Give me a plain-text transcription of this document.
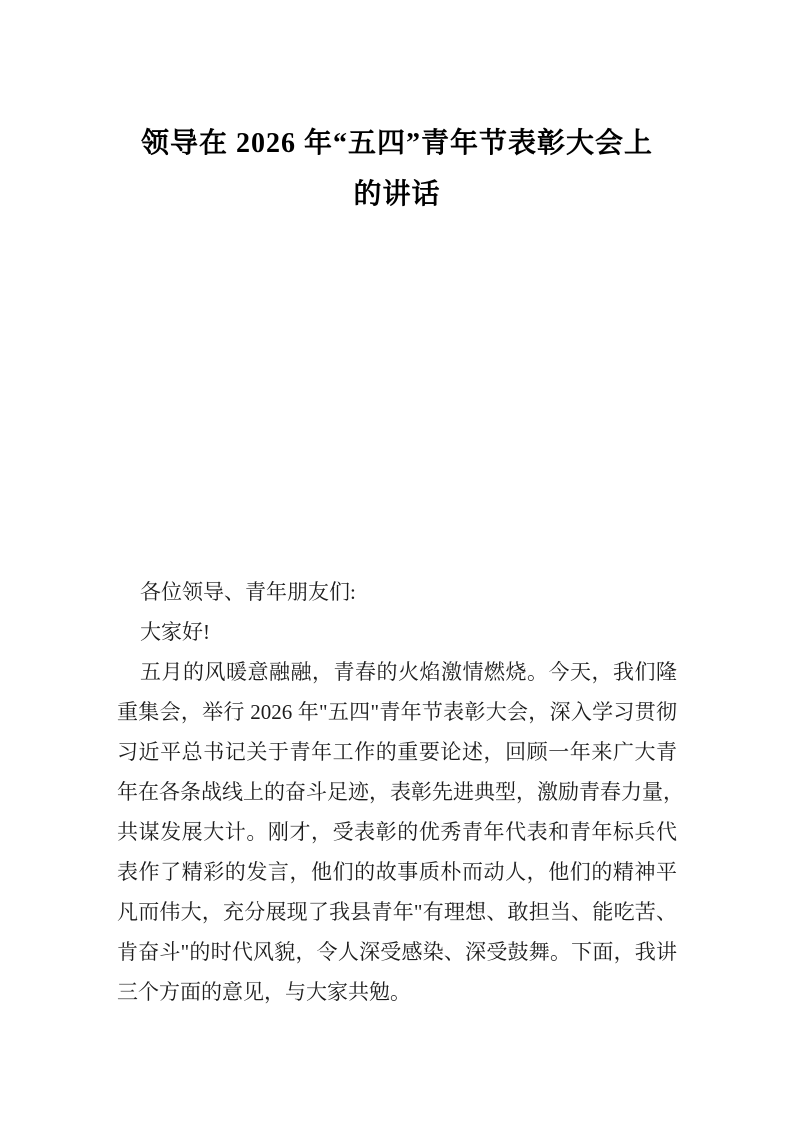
领导在 2026 年“五四”青年节表彰大会上
的讲话
各位领导、青年朋友们:
大家好!
五月的风暖意融融，青春的火焰激情燃烧。今天，我们隆
重集会，举行 2026 年"五四"青年节表彰大会，深入学习贯彻
习近平总书记关于青年工作的重要论述，回顾一年来广大青
年在各条战线上的奋斗足迹，表彰先进典型，激励青春力量，
共谋发展大计。刚才，受表彰的优秀青年代表和青年标兵代
表作了精彩的发言，他们的故事质朴而动人，他们的精神平
凡而伟大，充分展现了我县青年"有理想、敢担当、能吃苦、
肯奋斗"的时代风貌，令人深受感染、深受鼓舞。下面，我讲
三个方面的意见，与大家共勉。
